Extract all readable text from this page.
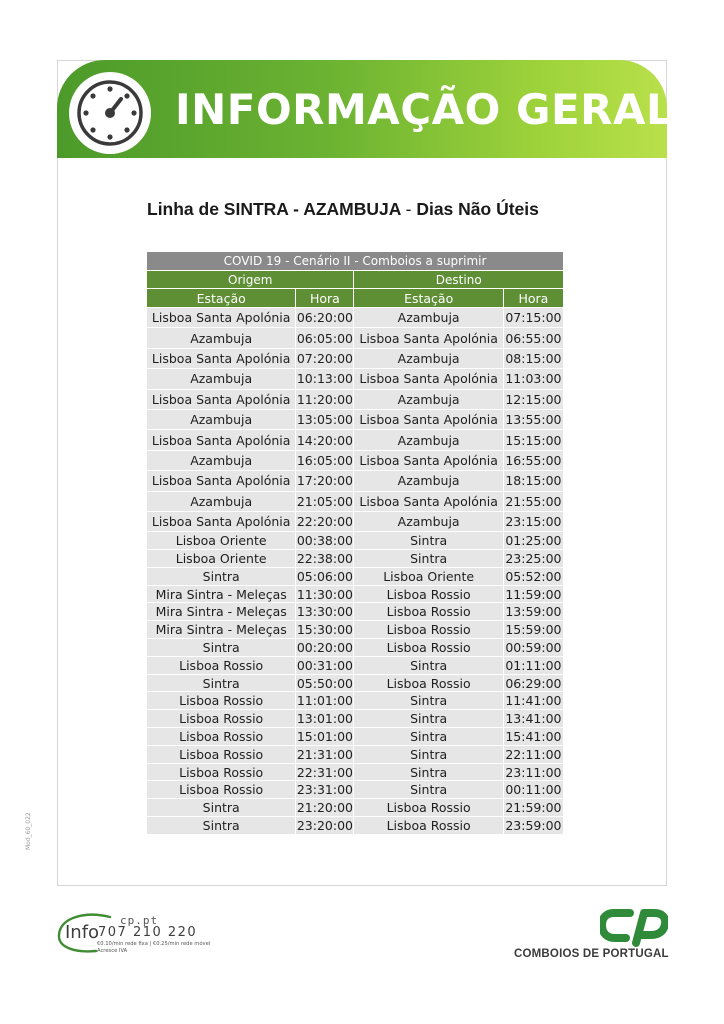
INFORMAÇÃO GERAL
Linha de SINTRA - AZAMBUJA - Dias Não Úteis
COVID 19 - Cenário II - Comboios a suprimir			
Origem		Destino	
Estação	Hora	Estação	Hora
Lisboa Santa Apolónia	06:20:00	Azambuja	07:15:00
Azambuja	06:05:00	Lisboa Santa Apolónia	06:55:00
Lisboa Santa Apolónia	07:20:00	Azambuja	08:15:00
Azambuja	10:13:00	Lisboa Santa Apolónia	11:03:00
Lisboa Santa Apolónia	11:20:00	Azambuja	12:15:00
Azambuja	13:05:00	Lisboa Santa Apolónia	13:55:00
Lisboa Santa Apolónia	14:20:00	Azambuja	15:15:00
Azambuja	16:05:00	Lisboa Santa Apolónia	16:55:00
Lisboa Santa Apolónia	17:20:00	Azambuja	18:15:00
Azambuja	21:05:00	Lisboa Santa Apolónia	21:55:00
Lisboa Santa Apolónia	22:20:00	Azambuja	23:15:00
Lisboa Oriente	00:38:00	Sintra	01:25:00
Lisboa Oriente	22:38:00	Sintra	23:25:00
Sintra	05:06:00	Lisboa Oriente	05:52:00
Mira Sintra - Meleças	11:30:00	Lisboa Rossio	11:59:00
Mira Sintra - Meleças	13:30:00	Lisboa Rossio	13:59:00
Mira Sintra - Meleças	15:30:00	Lisboa Rossio	15:59:00
Sintra	00:20:00	Lisboa Rossio	00:59:00
Lisboa Rossio	00:31:00	Sintra	01:11:00
Sintra	05:50:00	Lisboa Rossio	06:29:00
Lisboa Rossio	11:01:00	Sintra	11:41:00
Lisboa Rossio	13:01:00	Sintra	13:41:00
Lisboa Rossio	15:01:00	Sintra	15:41:00
Lisboa Rossio	21:31:00	Sintra	22:11:00
Lisboa Rossio	22:31:00	Sintra	23:11:00
Lisboa Rossio	23:31:00	Sintra	00:11:00
Sintra	21:20:00	Lisboa Rossio	21:59:00
Sintra	23:20:00	Lisboa Rossio	23:59:00
Mod_60_022
Info
cp.pt
707 210 220
€0.10/min rede fixa | €0.25/min rede móvel
Acresce IVA	COMBOIOS DE PORTUGAL
